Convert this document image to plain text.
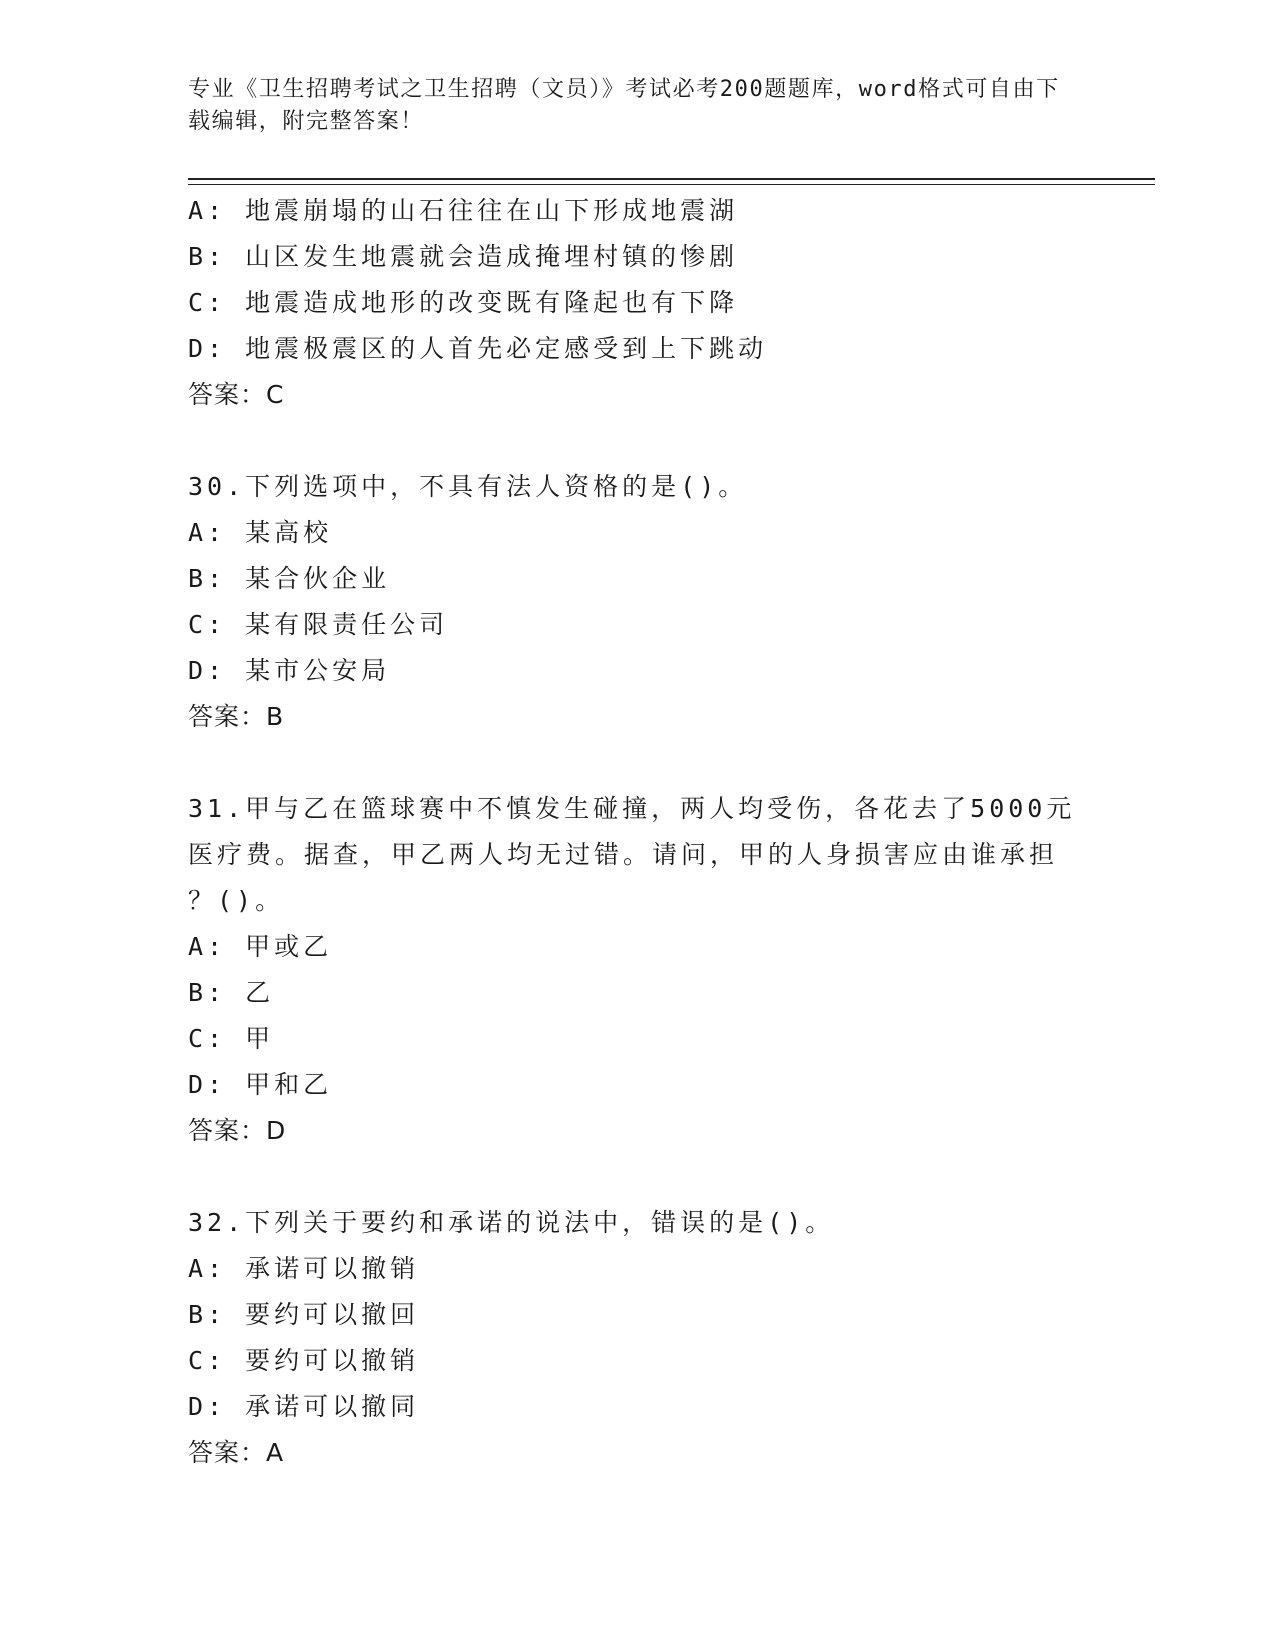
专业《卫生招聘考试之卫生招聘（文员）》考试必考200题题库，word格式可自由下载编辑，附完整答案！
A: 地震崩塌的山石往往在山下形成地震湖
B: 山区发生地震就会造成掩埋村镇的惨剧
C: 地震造成地形的改变既有隆起也有下降
D: 地震极震区的人首先必定感受到上下跳动
答案：C
30.下列选项中，不具有法人资格的是()。
A: 某高校
B: 某合伙企业
C: 某有限责任公司
D: 某市公安局
答案：B
31.甲与乙在篮球赛中不慎发生碰撞，两人均受伤，各花去了5000元
医疗费。据查，甲乙两人均无过错。请问，甲的人身损害应由谁承担
？()。
A: 甲或乙
B: 乙
C: 甲
D: 甲和乙
答案：D
32.下列关于要约和承诺的说法中，错误的是()。
A: 承诺可以撤销
B: 要约可以撤回
C: 要约可以撤销
D: 承诺可以撤同
答案：A
